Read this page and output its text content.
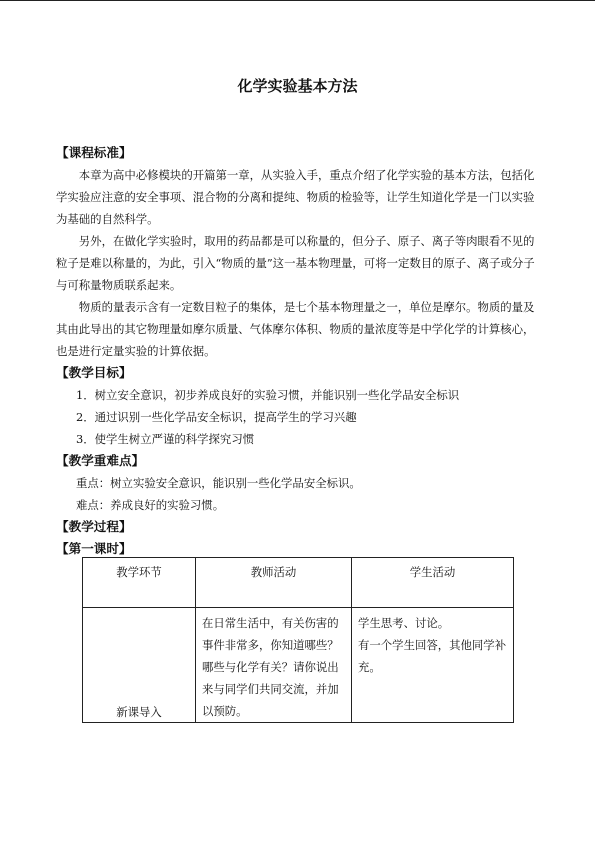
化学实验基本方法

【课程标准】

本章为高中必修模块的开篇第一章，从实验入手，重点介绍了化学实验的基本方法，包括化学实验应注意的安全事项、混合物的分离和提纯、物质的检验等，让学生知道化学是一门以实验为基础的自然科学。

另外，在做化学实验时，取用的药品都是可以称量的，但分子、原子、离子等肉眼看不见的粒子是难以称量的，为此，引入“物质的量”这一基本物理量，可将一定数目的原子、离子或分子与可称量物质联系起来。

物质的量表示含有一定数目粒子的集体，是七个基本物理量之一，单位是摩尔。物质的量及其由此导出的其它物理量如摩尔质量、气体摩尔体积、物质的量浓度等是中学化学的计算核心，也是进行定量实验的计算依据。

【教学目标】

1．树立安全意识，初步养成良好的实验习惯，并能识别一些化学品安全标识

2．通过识别一些化学品安全标识，提高学生的学习兴趣

3．使学生树立严谨的科学探究习惯

【教学重难点】

重点：树立实验安全意识，能识别一些化学品安全标识。

难点：养成良好的实验习惯。

【教学过程】

【第一课时】

教学环节	教师活动	学生活动

新课导入	在日常生活中，有关伤害的事件非常多，你知道哪些？哪些与化学有关？请你说出来与同学们共同交流，并加以预防。	学生思考、讨论。
有一个学生回答，其他同学补充。
